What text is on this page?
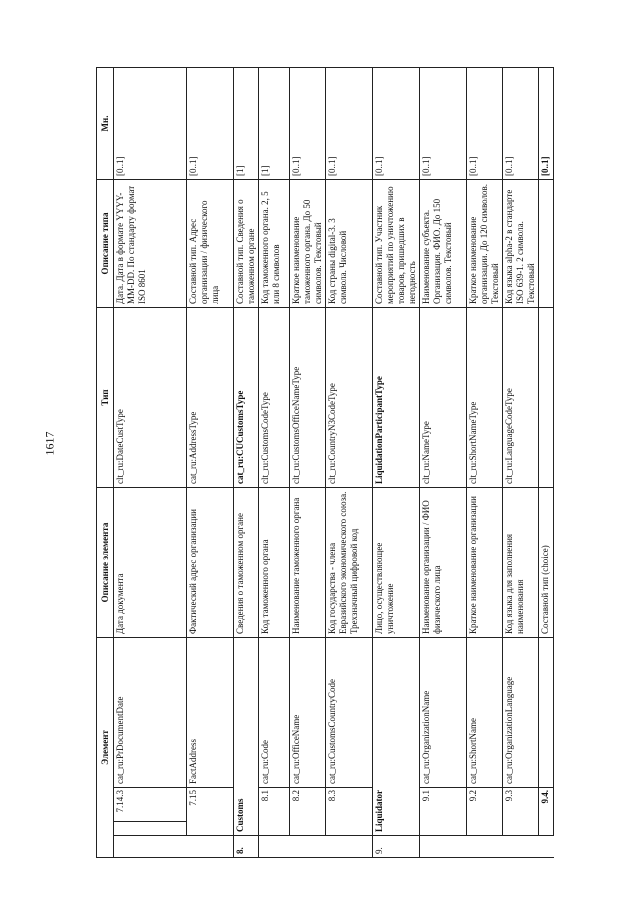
1617
Элемент				Описание элемента	Тип	Описание типа	Мн.
		7.14.3	cat_ru:PrDocumentDate	Дата документа	clt_ru:DateCustType	Дата. Дата в формате YYYY-MM-DD. По стандарту формат ISO 8601	[0..1]
	7.15		FactAddress	Фактический адрес организации	cat_ru:AddressType	Составной тип. Адрес организации / физического лица	[0..1]
8.	Customs			Сведения о таможенном органе	cat_ru:CUCustomsType	Составной тип. Сведения о таможенном органе	[1]
	8.1		cat_ru:Code	Код таможенного органа	clt_ru:CustomsCodeType	Код таможенного органа. 2, 5 или 8 символов	[1]
	8.2		cat_ru:OfficeName	Наименование таможенного органа	clt_ru:CustomsOfficeNameType	Краткое наименование таможенного органа. До 50 символов. Текстовый	[0..1]
	8.3		cat_ru:CustomsCountryCode	Код государства - члена Евразийского экономического союза. Трехзначный цифровой код	clt_ru:CountryN3CodeType	Код страны digital-3. 3 символа. Числовой	[0..1]
9.	Liquidator			Лицо, осуществляющее уничтожение	LiquidationParticipantType	Составной тип. Участник мероприятий по уничтожению товаров, пришедших в негодность	[0..1]
	9.1		cat_ru:OrganizationName	Наименование организации / ФИО физического лица	clt_ru:NameType	Наименование субъекта. Организация. ФИО. До 150 символов. Текстовый	[0..1]
	9.2		cat_ru:ShortName	Краткое наименование организации	clt_ru:ShortNameType	Краткое наименование организации. До 120 символов. Текстовый	[0..1]
	9.3		cat_ru:OrganizationLanguage	Код языка для заполнения наименования	clt_ru:LanguageCodeType	Код языка alpha-2 в стандарте ISO 639-1. 2 символа. Текстовый	[0..1]
	9.4.			Составной тип (choice)			[0..1]
